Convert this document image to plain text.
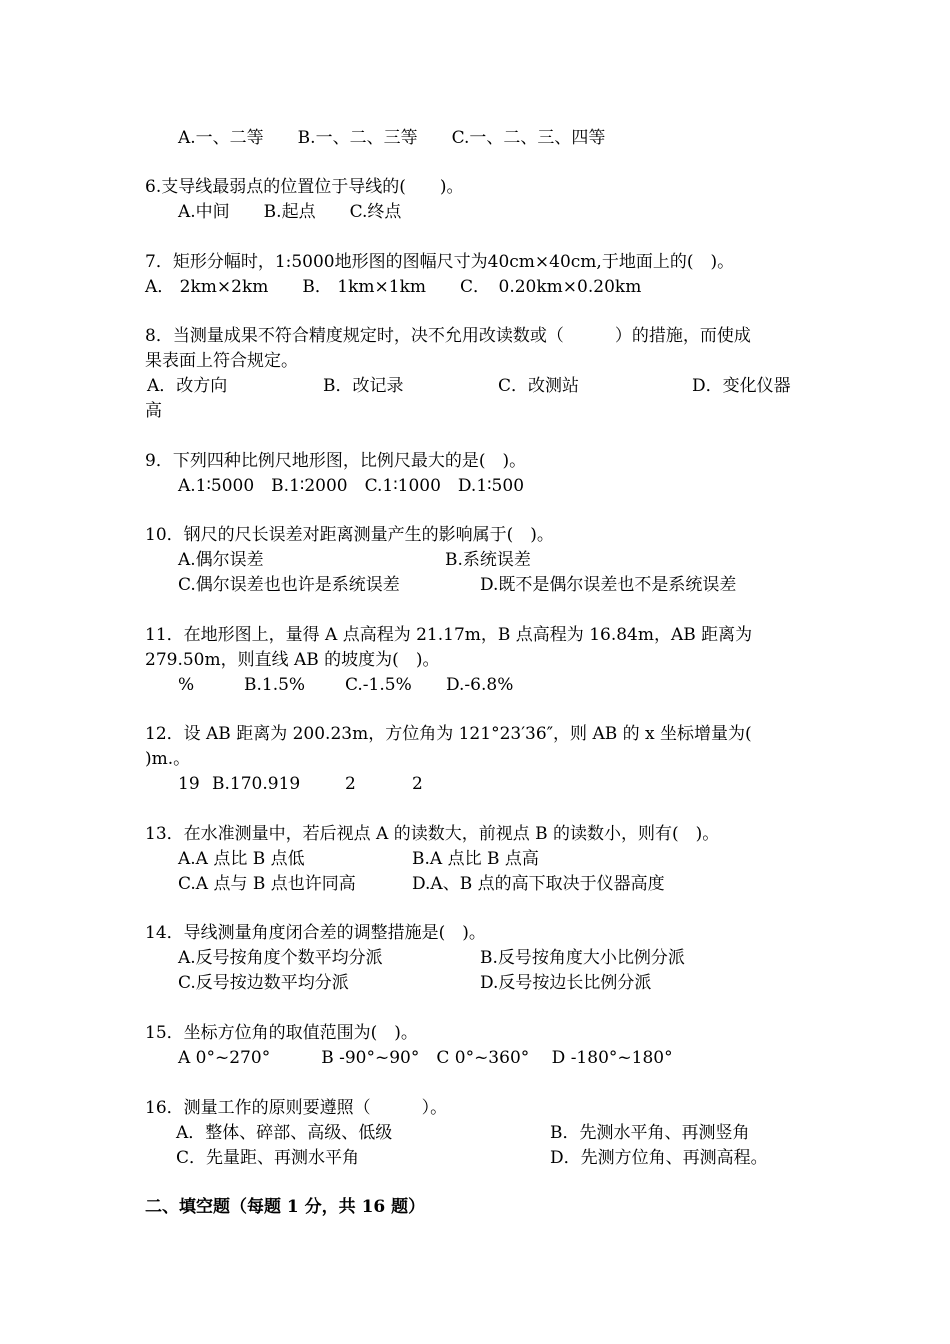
A.一、二等　　B.一、二、三等　　C.一、二、三、四等
6.支导线最弱点的位置位于导线的(　　)。
A.中间　　B.起点　　C.终点
7．矩形分幅时，1:5000地形图的图幅尺寸为40cm×40cm,于地面上的(　)。
A． 2km×2km　　B． 1km×1km　　C．　0.20km×0.20km
8．当测量成果不符合精度规定时，决不允用改读数或（　　　）的措施，而使成
果表面上符合规定。
A．改方向	B．改记录	C．改测站	D．变化仪器
高
9．下列四种比例尺地形图，比例尺最大的是(　)。
A.1∶5000　B.1∶2000　C.1∶1000　D.1∶500
10．钢尺的尺长误差对距离测量产生的影响属于(　)。
A.偶尔误差	B.系统误差
C.偶尔误差也也许是系统误差	D.既不是偶尔误差也不是系统误差
11．在地形图上，量得 A 点高程为 21.17m，B 点高程为 16.84m，AB 距离为
279.50m，则直线 AB 的坡度为(　)。
%	B.1.5% C.-1.5% D.-6.8%
12．设 AB 距离为 200.23m，方位角为 121°23′36″，则 AB 的 x 坐标增量为(
)m.。
19 B.170.919	2	2
13．在水准测量中，若后视点 A 的读数大，前视点 B 的读数小，则有(　)。
A.A 点比 B 点低	B.A 点比 B 点高
C.A 点与 B 点也许同高	D.A、B 点的高下取决于仪器高度
14．导线测量角度闭合差的调整措施是(　)。
A.反号按角度个数平均分派	B.反号按角度大小比例分派
C.反号按边数平均分派	D.反号按边长比例分派
15．坐标方位角的取值范围为(　)。
A 0°~270°　　　B -90°~90°　C 0°~360°　 D -180°~180°
16．测量工作的原则要遵照（　　　）。
A．整体、碎部、高级、低级	B．先测水平角、再测竖角
C．先量距、再测水平角	D．先测方位角、再测高程。
二、填空题（每题 1 分，共 16 题）
